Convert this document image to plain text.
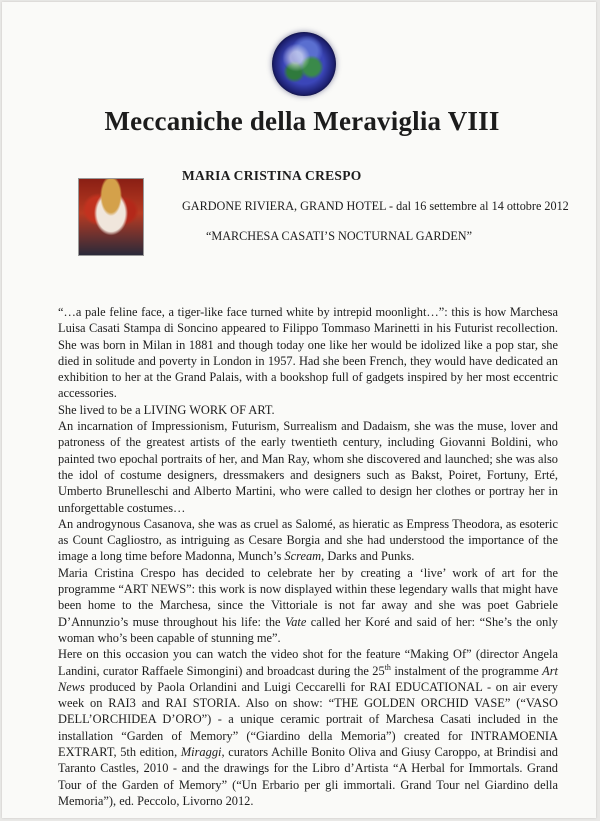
Meccaniche della Meraviglia VIII
MARIA CRISTINA CRESPO
GARDONE RIVIERA, GRAND HOTEL - dal 16 settembre al 14 ottobre 2012
“MARCHESA CASATI’S NOCTURNAL GARDEN”

“…a pale feline face, a tiger-like face turned white by intrepid moonlight…”: this is how Marchesa Luisa Casati Stampa di Soncino appeared to Filippo Tommaso Marinetti in his Futurist recollection. She was born in Milan in 1881 and though today one like her would be idolized like a pop star, she died in solitude and poverty in London in 1957. Had she been French, they would have dedicated an exhibition to her at the Grand Palais, with a bookshop full of gadgets inspired by her most eccentric accessories.

She lived to be a LIVING WORK OF ART.

An incarnation of Impressionism, Futurism, Surrealism and Dadaism, she was the muse, lover and patroness of the greatest artists of the early twentieth century, including Giovanni Boldini, who painted two epochal portraits of her, and Man Ray, whom she discovered and launched; she was also the idol of costume designers, dressmakers and designers such as Bakst, Poiret, Fortuny, Erté, Umberto Brunelleschi and Alberto Martini, who were called to design her clothes or portray her in unforgettable costumes…

An androgynous Casanova, she was as cruel as Salomé, as hieratic as Empress Theodora, as esoteric as Count Cagliostro, as intriguing as Cesare Borgia and she had understood the importance of the image a long time before Madonna, Munch’s Scream, Darks and Punks.

Maria Cristina Crespo has decided to celebrate her by creating a ‘live’ work of art for the programme “ART NEWS”: this work is now displayed within these legendary walls that might have been home to the Marchesa, since the Vittoriale is not far away and she was poet Gabriele D’Annunzio’s muse throughout his life: the Vate called her Koré and said of her: “She’s the only woman who’s been capable of stunning me”.

Here on this occasion you can watch the video shot for the feature “Making Of” (director Angela Landini, curator Raffaele Simongini) and broadcast during the 25th instalment of the programme Art News produced by Paola Orlandini and Luigi Ceccarelli for RAI EDUCATIONAL - on air every week on RAI3 and RAI STORIA. Also on show: “THE GOLDEN ORCHID VASE” (“VASO DELL’ORCHIDEA D’ORO”) - a unique ceramic portrait of Marchesa Casati included in the installation “Garden of Memory” (“Giardino della Memoria”) created for INTRAMOENIA EXTRART, 5th edition, Miraggi, curators Achille Bonito Oliva and Giusy Caroppo, at Brindisi and Taranto Castles, 2010 - and the drawings for the Libro d’Artista “A Herbal for Immortals. Grand Tour of the Garden of Memory” (“Un Erbario per gli immortali. Grand Tour nel Giardino della Memoria”), ed. Peccolo, Livorno 2012.
